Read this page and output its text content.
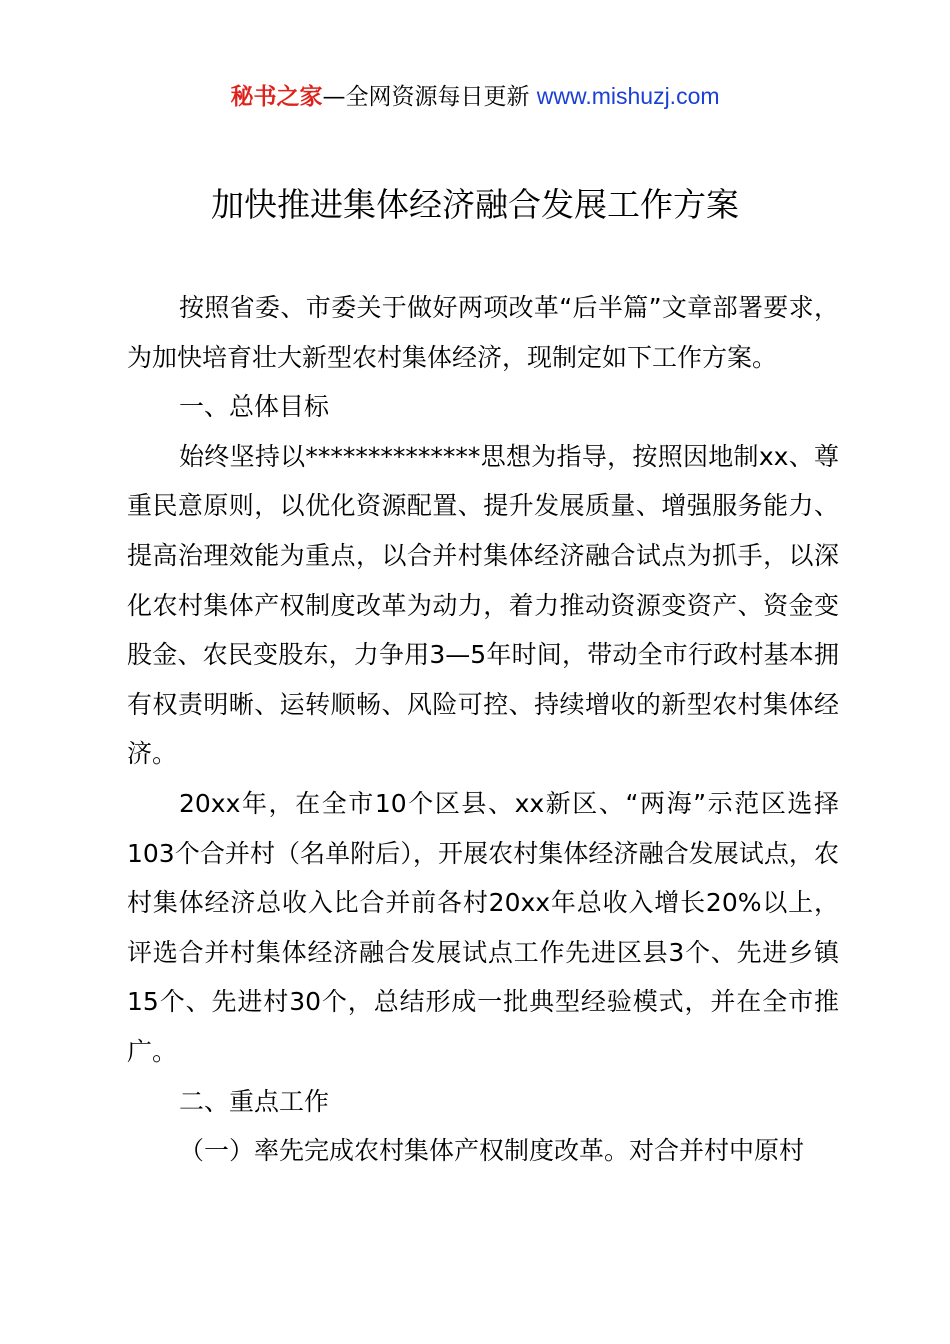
秘书之家—全网资源每日更新 www.mishuzj.com
加快推进集体经济融合发展工作方案

按照省委、市委关于做好两项改革“后半篇”文章部署要求，为加快培育壮大新型农村集体经济，现制定如下工作方案。

一、总体目标

始终坚持以**************思想为指导，按照因地制xx、尊重民意原则，以优化资源配置、提升发展质量、增强服务能力、提高治理效能为重点，以合并村集体经济融合试点为抓手，以深化农村集体产权制度改革为动力，着力推动资源变资产、资金变股金、农民变股东，力争用3—5年时间，带动全市行政村基本拥有权责明晰、运转顺畅、风险可控、持续增收的新型农村集体经济。

20xx年，在全市10个区县、xx新区、“两海”示范区选择103个合并村（名单附后），开展农村集体经济融合发展试点，农村集体经济总收入比合并前各村20xx年总收入增长20%以上，评选合并村集体经济融合发展试点工作先进区县3个、先进乡镇15个、先进村30个，总结形成一批典型经验模式，并在全市推广。

二、重点工作

（一）率先完成农村集体产权制度改革。对合并村中原村
